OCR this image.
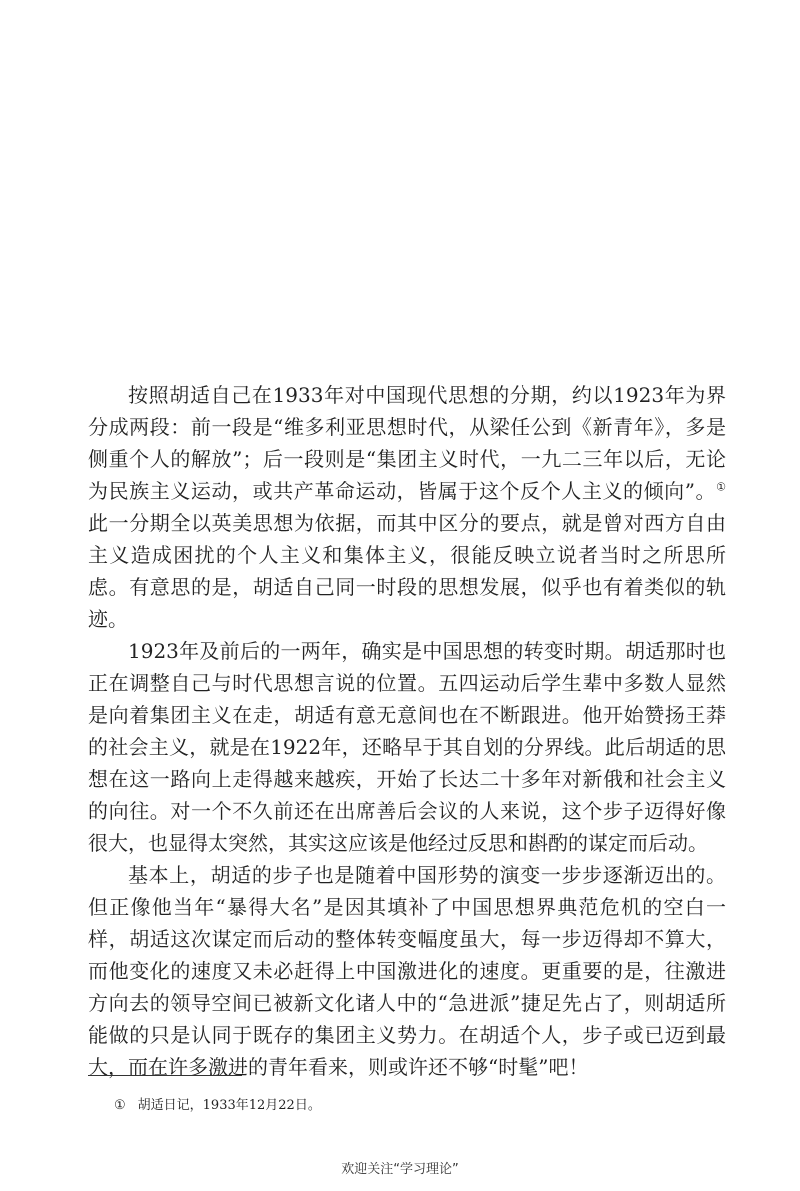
按照胡适自己在1933年对中国现代思想的分期，约以1923年为界分成两段：前一段是“维多利亚思想时代，从梁任公到《新青年》，多是侧重个人的解放”；后一段则是“集团主义时代，一九二三年以后，无论为民族主义运动，或共产革命运动，皆属于这个反个人主义的倾向”。①此一分期全以英美思想为依据，而其中区分的要点，就是曾对西方自由主义造成困扰的个人主义和集体主义，很能反映立说者当时之所思所虑。有意思的是，胡适自己同一时段的思想发展，似乎也有着类似的轨迹。

1923年及前后的一两年，确实是中国思想的转变时期。胡适那时也正在调整自己与时代思想言说的位置。五四运动后学生辈中多数人显然是向着集团主义在走，胡适有意无意间也在不断跟进。他开始赞扬王莽的社会主义，就是在1922年，还略早于其自划的分界线。此后胡适的思想在这一路向上走得越来越疾，开始了长达二十多年对新俄和社会主义的向往。对一个不久前还在出席善后会议的人来说，这个步子迈得好像很大，也显得太突然，其实这应该是他经过反思和斟酌的谋定而后动。

基本上，胡适的步子也是随着中国形势的演变一步步逐渐迈出的。但正像他当年“暴得大名”是因其填补了中国思想界典范危机的空白一样，胡适这次谋定而后动的整体转变幅度虽大，每一步迈得却不算大，而他变化的速度又未必赶得上中国激进化的速度。更重要的是，往激进方向去的领导空间已被新文化诸人中的“急进派”捷足先占了，则胡适所能做的只是认同于既存的集团主义势力。在胡适个人，步子或已迈到最大，而在许多激进的青年看来，则或许还不够“时髦”吧！

① 胡适日记，1933年12月22日。
欢迎关注“学习理论”
